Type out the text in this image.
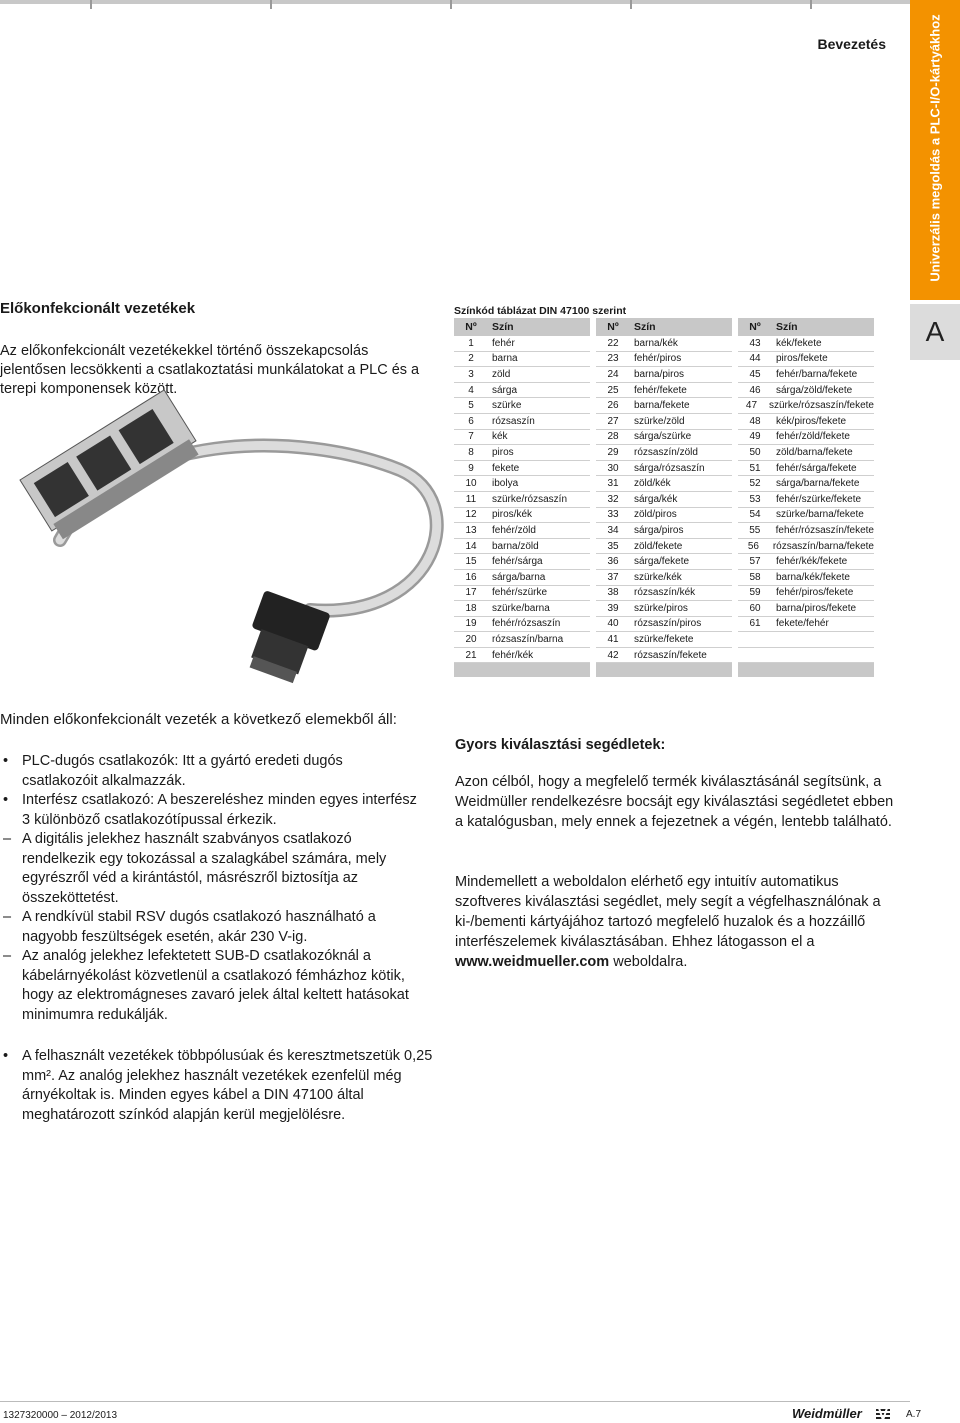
Bevezetés	Univerzális megoldás a PLC-I/O-kártyákhoz
A
Előkonfekcionált vezetékek
Az előkonfekcionált vezetékekkel történő összekapcsolás jelentősen lecsökkenti a csatlakoztatási munkálatokat a PLC és a terepi komponensek között.
Színkód táblázat DIN 47100 szerint
Nº	Szín
1	fehér
2	barna
3	zöld
4	sárga
5	szürke
6	rózsaszín
7	kék
8	piros
9	fekete
10	ibolya
11	szürke/rózsaszín
12	piros/kék
13	fehér/zöld
14	barna/zöld
15	fehér/sárga
16	sárga/barna
17	fehér/szürke
18	szürke/barna
19	fehér/rózsaszín
20	rózsaszín/barna
21	fehér/kék
Nº	Szín
22	barna/kék
23	fehér/piros
24	barna/piros
25	fehér/fekete
26	barna/fekete
27	szürke/zöld
28	sárga/szürke
29	rózsaszín/zöld
30	sárga/rózsaszín
31	zöld/kék
32	sárga/kék
33	zöld/piros
34	sárga/piros
35	zöld/fekete
36	sárga/fekete
37	szürke/kék
38	rózsaszín/kék
39	szürke/piros
40	rózsaszín/piros
41	szürke/fekete
42	rózsaszín/fekete
Nº	Szín
43	kék/fekete
44	piros/fekete
45	fehér/barna/fekete
46	sárga/zöld/fekete
47	szürke/rózsaszín/fekete
48	kék/piros/fekete
49	fehér/zöld/fekete
50	zöld/barna/fekete
51	fehér/sárga/fekete
52	sárga/barna/fekete
53	fehér/szürke/fekete
54	szürke/barna/fekete
55	fehér/rózsaszín/fekete
56	rózsaszín/barna/fekete
57	fehér/kék/fekete
58	barna/kék/fekete
59	fehér/piros/fekete
60	barna/piros/fekete
61	fekete/fehér
Minden előkonfekcionált vezeték a következő elemekből áll:

• PLC-dugós csatlakozók: Itt a gyártó eredeti dugós csatlakozóit alkalmazzák.

• Interfész csatlakozó: A beszereléshez minden egyes interfész 3 különböző csatlakozótípussal érkezik.

– A digitális jelekhez használt szabványos csatlakozó rendelkezik egy tokozással a szalagkábel számára, mely egyrészről véd a kirántástól, másrészről biztosítja az összeköttetést.

– A rendkívül stabil RSV dugós csatlakozó használható a nagyobb feszültségek esetén, akár 230 V-ig.

– Az analóg jelekhez lefektetett SUB-D csatlakozóknál a kábelárnyékolást közvetlenül a csatlakozó fémházhoz kötik, hogy az elektromágneses zavaró jelek által keltett hatásokat minimumra redukálják.

• A felhasznált vezetékek többpólusúak és keresztmetszetük 0,25 mm². Az analóg jelekhez használt vezetékek ezenfelül még árnyékoltak is. Minden egyes kábel a DIN 47100 által meghatározott színkód alapján kerül megjelölésre.

Gyors kiválasztási segédletek:
Azon célból, hogy a megfelelő termék kiválasztásánál segítsünk, a Weidmüller rendelkezésre bocsájt egy kiválasztási segédletet ebben a katalógusban, mely ennek a fejezetnek a végén, lentebb található.
Mindemellett a weboldalon elérhető egy intuitív automatikus szoftveres kiválasztási segédlet, mely segít a végfelhasználónak a ki-/bementi kártyájához tartozó megfelelő huzalok és a hozzáillő interfészelemek kiválasztásában. Ehhez látogasson el a www.weidmueller.com weboldalra.
1327320000 – 2012/2013	Weidmüller	A.7
